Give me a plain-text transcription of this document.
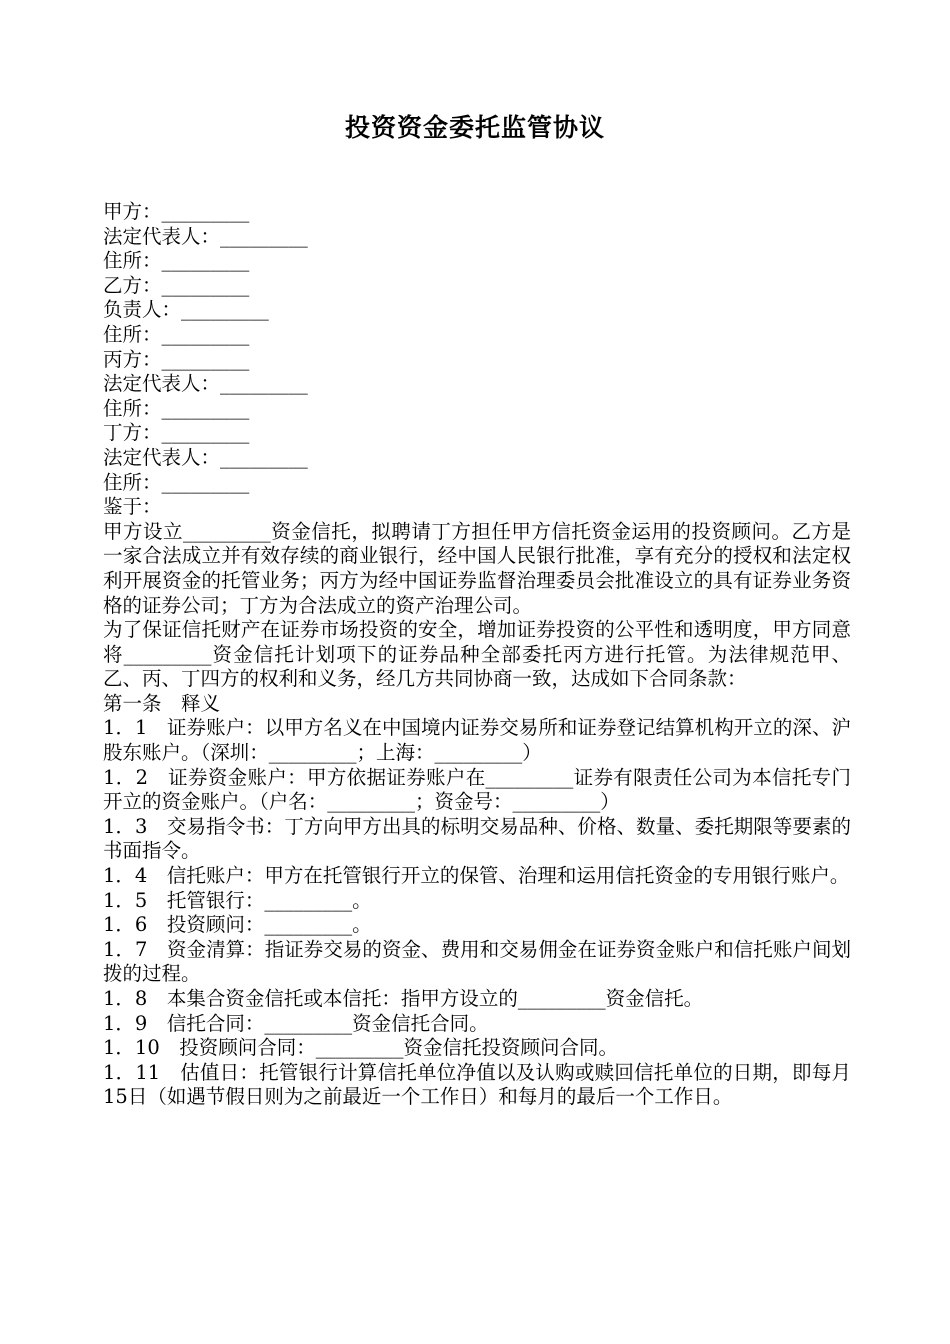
投资资金委托监管协议

甲方：_________

法定代表人：_________

住所：_________

乙方：_________

负责人：_________

住所：_________

丙方：_________

法定代表人：_________

住所：_________

丁方：_________

法定代表人：_________

住所：_________

鉴于：

甲方设立_________资金信托，拟聘请丁方担任甲方信托资金运用的投资顾问。乙方是一家合法成立并有效存续的商业银行，经中国人民银行批准，享有充分的授权和法定权利开展资金的托管业务；丙方为经中国证券监督治理委员会批准设立的具有证券业务资格的证券公司；丁方为合法成立的资产治理公司。

为了保证信托财产在证券市场投资的安全，增加证券投资的公平性和透明度，甲方同意将_________资金信托计划项下的证券品种全部委托丙方进行托管。为法律规范甲、乙、丙、丁四方的权利和义务，经几方共同协商一致，达成如下合同条款：

第一条　释义

1．1　证券账户：以甲方名义在中国境内证券交易所和证券登记结算机构开立的深、沪股东账户。（深圳：_________；上海：_________）

1．2　证券资金账户：甲方依据证券账户在_________证券有限责任公司为本信托专门开立的资金账户。（户名：_________；资金号：_________）

1．3　交易指令书：丁方向甲方出具的标明交易品种、价格、数量、委托期限等要素的书面指令。

1．4　信托账户：甲方在托管银行开立的保管、治理和运用信托资金的专用银行账户。

1．5　托管银行：_________。

1．6　投资顾问：_________。

1．7　资金清算：指证券交易的资金、费用和交易佣金在证券资金账户和信托账户间划拨的过程。

1．8　本集合资金信托或本信托：指甲方设立的_________资金信托。

1．9　信托合同：_________资金信托合同。

1．10　投资顾问合同：_________资金信托投资顾问合同。

1．11　估值日：托管银行计算信托单位净值以及认购或赎回信托单位的日期，即每月15日（如遇节假日则为之前最近一个工作日）和每月的最后一个工作日。
